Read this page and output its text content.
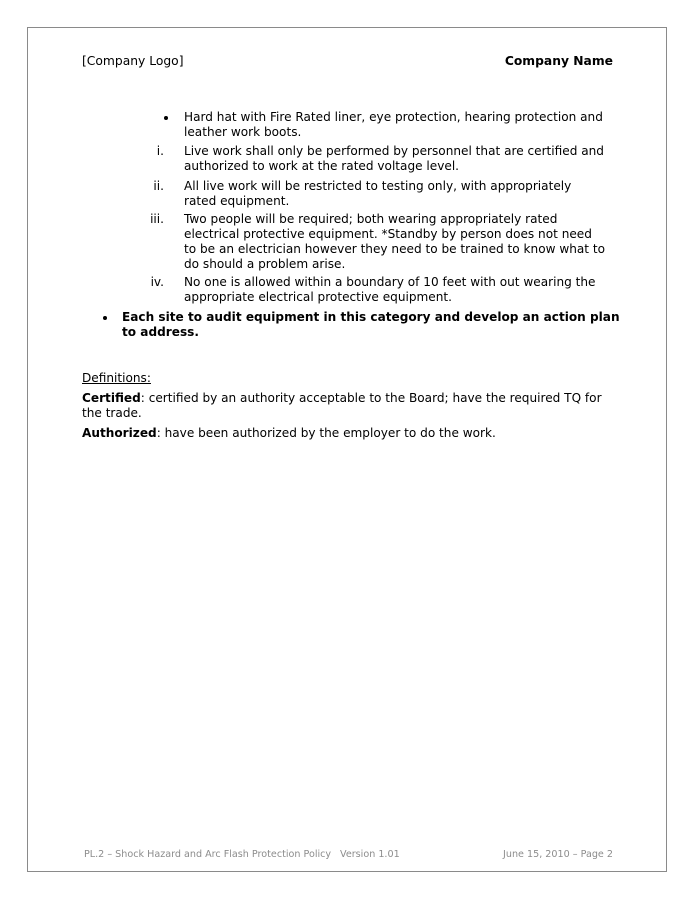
[Company Logo]	Company Name
Hard hat with Fire Rated liner, eye protection, hearing protection and leather work boots.
i. Live work shall only be performed by personnel that are certified and authorized to work at the rated voltage level.
ii. All live work will be restricted to testing only, with appropriately rated equipment.
iii. Two people will be required; both wearing appropriately rated electrical protective equipment. *Standby by person does not need to be an electrician however they need to be trained to know what to do should a problem arise.
iv. No one is allowed within a boundary of 10 feet with out wearing the appropriate electrical protective equipment.
Each site to audit equipment in this category and develop an action plan to address.
Definitions:
Certified: certified by an authority acceptable to the Board; have the required TQ for the trade.
Authorized: have been authorized by the employer to do the work.
PL.2 – Shock Hazard and Arc Flash Protection Policy Version 1.01	June 15, 2010 – Page 2
